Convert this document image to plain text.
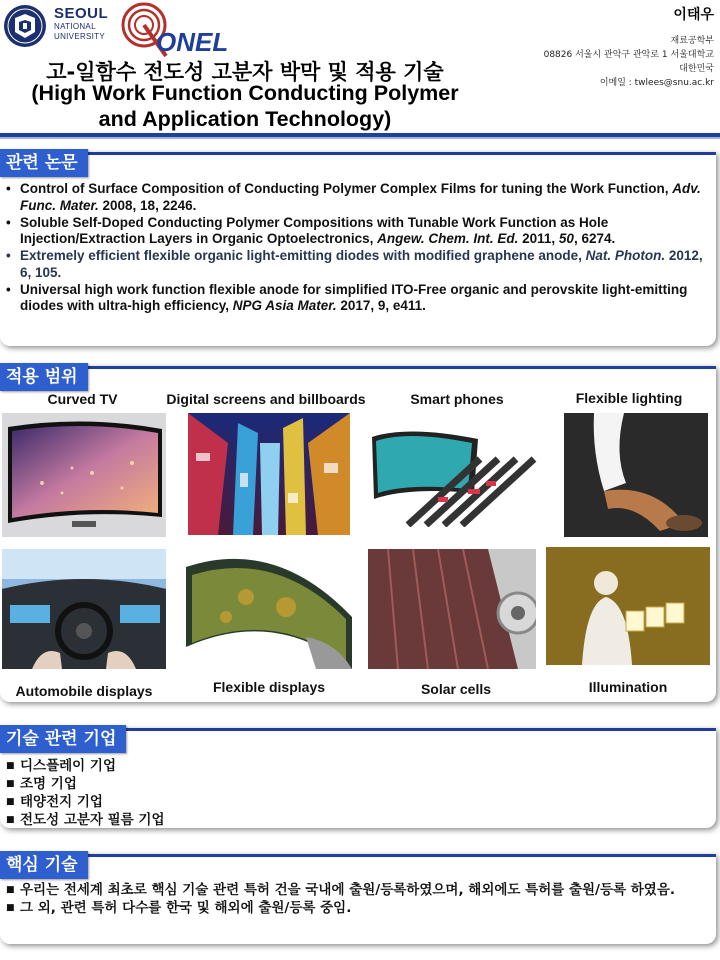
SEOUL
NATIONAL
UNIVERSITY ONEL
고-일함수 전도성 고분자 박막 및 적용 기술
(High Work Function Conducting Polymer
and Application Technology)
이태우
재료공학부
08826 서울시 관악구 관악로 1 서울대학교
대한민국
이메일 : twlees@snu.ac.kr
관련 논문
• Control of Surface Composition of Conducting Polymer Complex Films for tuning the Work Function, Adv. Func. Mater. 2008, 18, 2246.
• Soluble Self-Doped Conducting Polymer Compositions with Tunable Work Function as Hole Injection/Extraction Layers in Organic Optoelectronics, Angew. Chem. Int. Ed. 2011, 50, 6274.
• Extremely efficient flexible organic light-emitting diodes with modified graphene anode, Nat. Photon. 2012, 6, 105.
• Universal high work function flexible anode for simplified ITO-Free organic and perovskite light-emitting diodes with ultra-high efficiency, NPG Asia Mater. 2017, 9, e411.
적용 범위
Curved TV	Digital screens and billboards	Smart phones	Flexible lighting
Automobile displays	Flexible displays	Solar cells	Illumination
기술 관련 기업
■ 디스플레이 기업
■ 조명 기업
■ 태양전지 기업
■ 전도성 고분자 필름 기업
핵심 기술
■ 우리는 전세계 최초로 핵심 기술 관련 특허 건을 국내에 출원/등록하였으며, 해외에도 특허를 출원/등록 하였음.
■ 그 외, 관련 특허 다수를 한국 및 해외에 출원/등록 중임.
